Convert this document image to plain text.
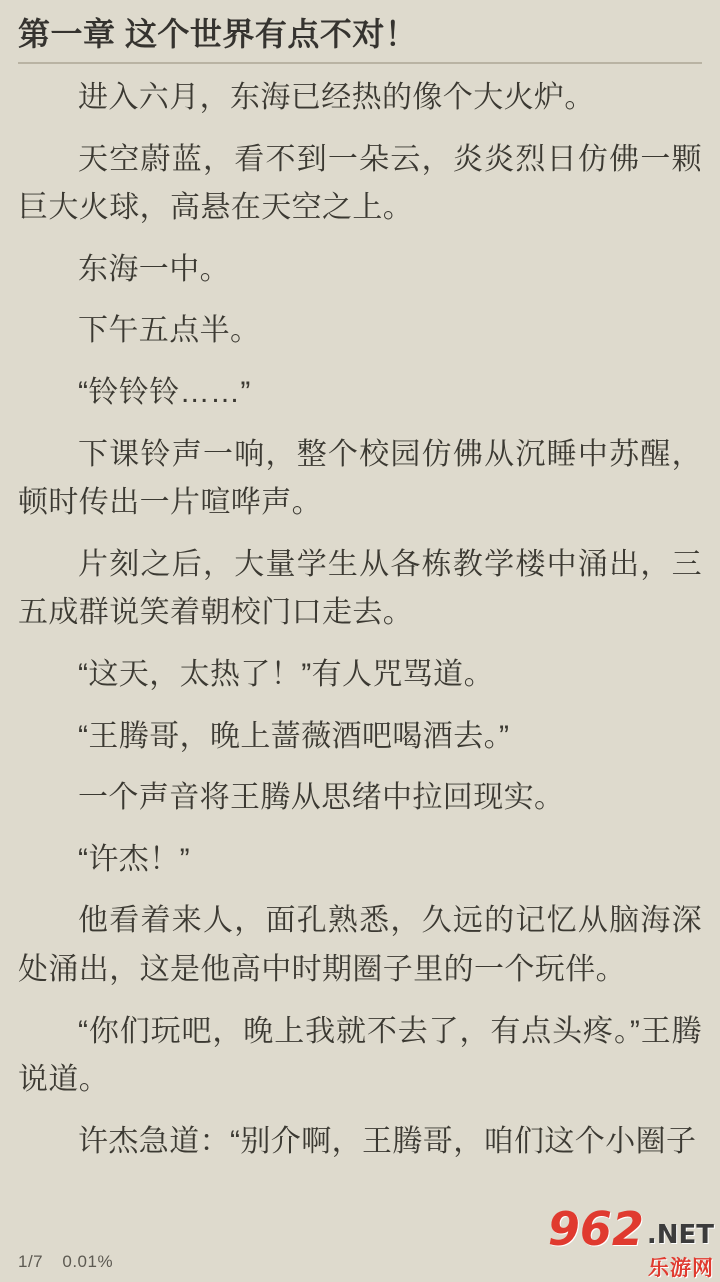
第一章 这个世界有点不对！

进入六月，东海已经热的像个大火炉。

天空蔚蓝，看不到一朵云，炎炎烈日仿佛一颗巨大火球，高悬在天空之上。

东海一中。

下午五点半。

“铃铃铃……”

下课铃声一响，整个校园仿佛从沉睡中苏醒，顿时传出一片喧哗声。

片刻之后，大量学生从各栋教学楼中涌出，三五成群说笑着朝校门口走去。

“这天，太热了！”有人咒骂道。

“王腾哥，晚上蔷薇酒吧喝酒去。”

一个声音将王腾从思绪中拉回现实。

“许杰！”

他看着来人，面孔熟悉，久远的记忆从脑海深处涌出，这是他高中时期圈子里的一个玩伴。

“你们玩吧，晚上我就不去了，有点头疼。”王腾说道。

许杰急道：“别介啊，王腾哥，咱们这个小圈子

1/7 0.01%
962 .NET
乐游网
